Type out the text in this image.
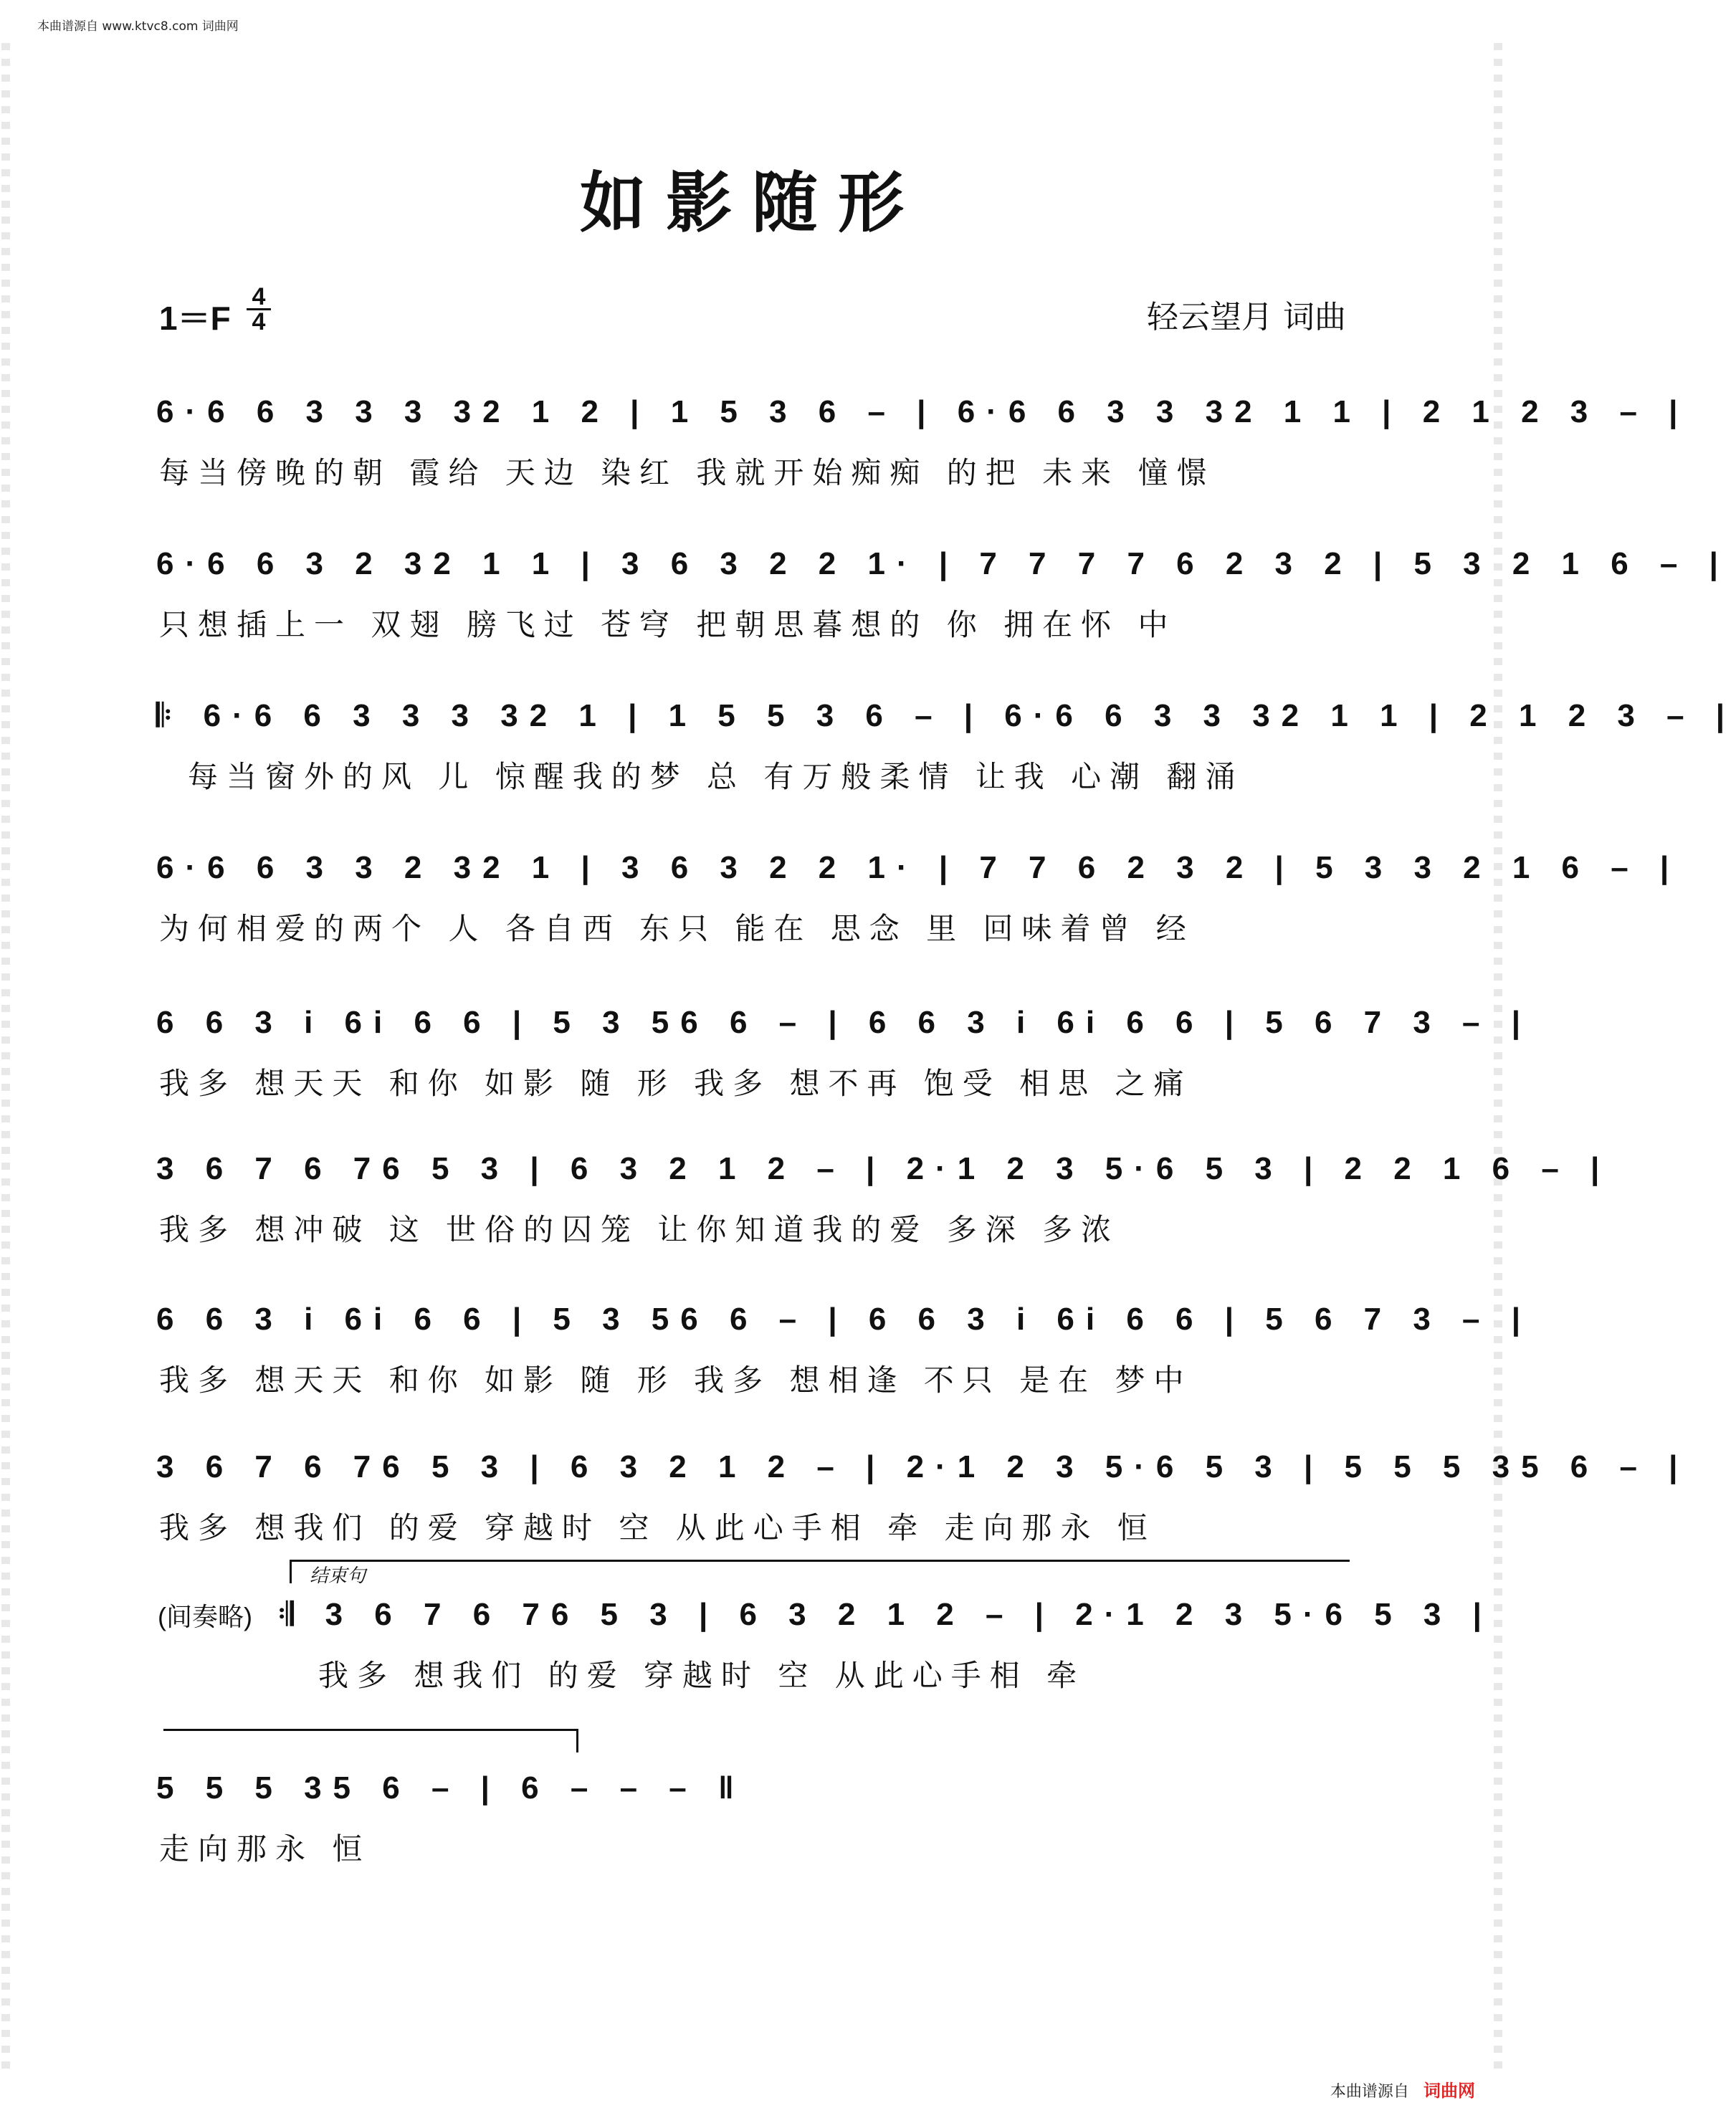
本曲谱源自 www.ktvc8.com 词曲网
如影随形
$1=F \frac{4}{4}$	轻云望月 词曲
6·6 6 3 3 3 32 1 2 | 1 5 3 6 – | 6·6 6 3 3 32 1 1 | 2 1 2 3 – |
每当傍晚的朝 霞给 天边 染红 我就开始痴痴 的把 未来 憧憬
6·6 6 3 2 32 1 1 | 3 6 3 2 2 1· | 7 7 7 7 6 2 3 2 | 5 3 2 1 6 – |
只想插上一 双翅 膀飞过 苍穹 把朝思暮想的 你 拥在怀 中
𝄆 6·6 6 3 3 3 32 1 | 1 5 5 3 6 – | 6·6 6 3 3 32 1 1 | 2 1 2 3 – |
每当窗外的风 儿 惊醒我的梦 总 有万般柔情 让我 心潮 翻涌
6·6 6 3 3 2 32 1 | 3 6 3 2 2 1· | 7 7 6 2 3 2 | 5 3 3 2 1 6 – |
为何相爱的两个 人 各自西 东只 能在 思念 里 回味着曾 经
6 6 3 i 6i 6 6 | 5 3 56 6 – | 6 6 3 i 6i 6 6 | 5 6 7 3 – |
我多 想天天 和你 如影 随 形 我多 想不再 饱受 相思 之痛
3 6 7 6 76 5 3 | 6 3 2 1 2 – | 2·1 2 3 5·6 5 3 | 2 2 1 6 – |
我多 想冲破 这 世俗的囚笼 让你知道我的爱 多深 多浓
6 6 3 i 6i 6 6 | 5 3 56 6 – | 6 6 3 i 6i 6 6 | 5 6 7 3 – |
我多 想天天 和你 如影 随 形 我多 想相逢 不只 是在 梦中
3 6 7 6 76 5 3 | 6 3 2 1 2 – | 2·1 2 3 5·6 5 3 | 5 5 5 35 6 – |
我多 想我们 的爱 穿越时 空 从此心手相 牵 走向那永 恒
(间奏略)
结束句
𝄇 3 6 7 6 76 5 3 | 6 3 2 1 2 – | 2·1 2 3 5·6 5 3 |
我多 想我们 的爱 穿越时 空 从此心手相 牵
5 5 5 35 6 – | 6 – – – ‖
走向那永 恒
本曲谱源自 词曲网
